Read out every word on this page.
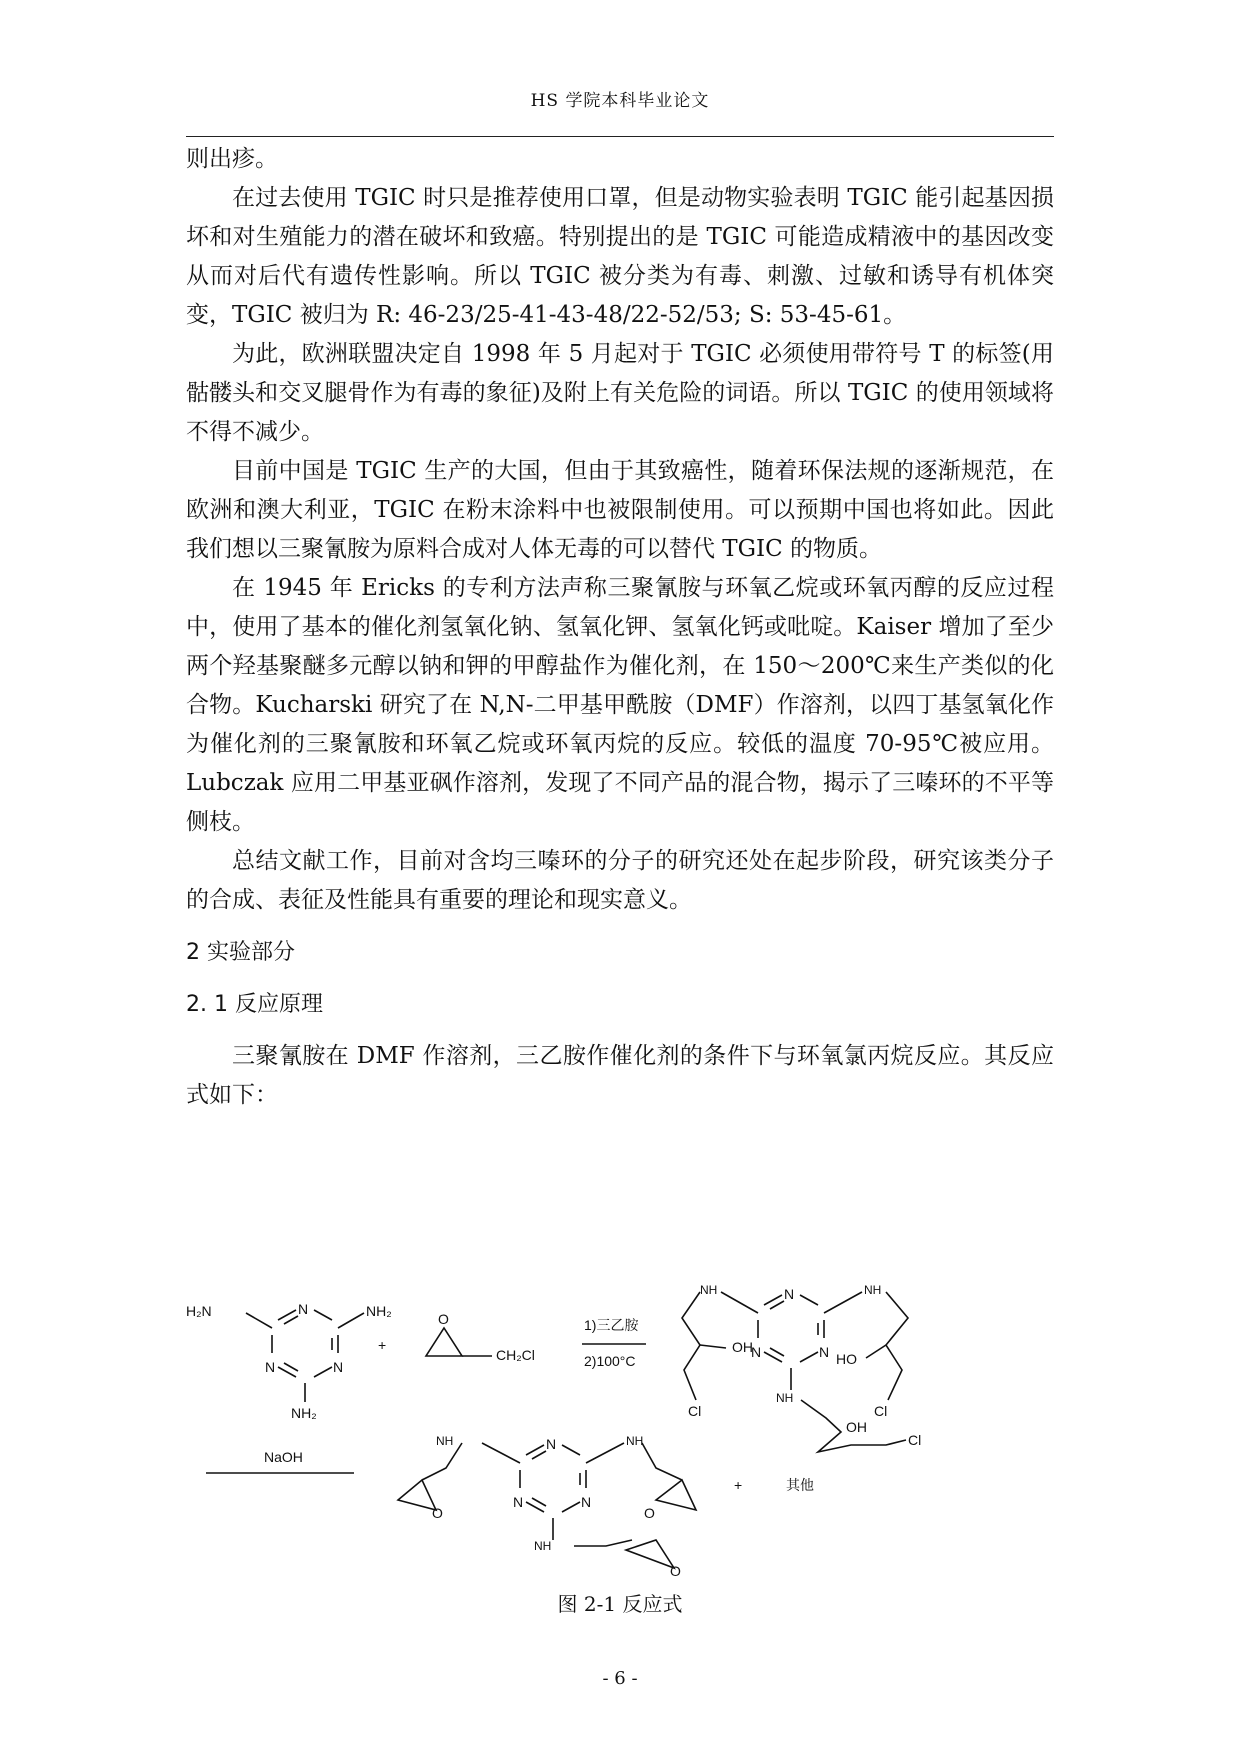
HS 学院本科毕业论文

则出疹。

在过去使用 TGIC 时只是推荐使用口罩，但是动物实验表明 TGIC 能引起基因损坏和对生殖能力的潜在破坏和致癌。特别提出的是 TGIC 可能造成精液中的基因改变从而对后代有遗传性影响。所以 TGIC 被分类为有毒、刺激、过敏和诱导有机体突变，TGIC 被归为 R: 46-23/25-41-43-48/22-52/53; S: 53-45-61。

为此，欧洲联盟决定自 1998 年 5 月起对于 TGIC 必须使用带符号 T 的标签(用骷髅头和交叉腿骨作为有毒的象征)及附上有关危险的词语。所以 TGIC 的使用领域将不得不减少。

目前中国是 TGIC 生产的大国，但由于其致癌性，随着环保法规的逐渐规范，在欧洲和澳大利亚，TGIC 在粉末涂料中也被限制使用。可以预期中国也将如此。因此我们想以三聚氰胺为原料合成对人体无毒的可以替代 TGIC 的物质。

在 1945 年 Ericks 的专利方法声称三聚氰胺与环氧乙烷或环氧丙醇的反应过程中，使用了基本的催化剂氢氧化钠、氢氧化钾、氢氧化钙或吡啶。Kaiser 增加了至少两个羟基聚醚多元醇以钠和钾的甲醇盐作为催化剂，在 150～200℃来生产类似的化合物。Kucharski 研究了在 N,N-二甲基甲酰胺（DMF）作溶剂，以四丁基氢氧化作为催化剂的三聚氰胺和环氧乙烷或环氧丙烷的反应。较低的温度 70-95℃被应用。Lubczak 应用二甲基亚砜作溶剂，发现了不同产品的混合物，揭示了三嗪环的不平等侧枝。

总结文献工作，目前对含均三嗪环的分子的研究还处在起步阶段，研究该类分子的合成、表征及性能具有重要的理论和现实意义。

2 实验部分

2. 1 反应原理

三聚氰胺在 DMF 作溶剂，三乙胺作催化剂的条件下与环氧氯丙烷反应。其反应式如下：

H₂N	N	NH₂
N	N
NH₂
+
O
CH₂Cl
1)三乙胺
2)100°C
NH	N	NH
N	N
OH
HO
NH
Cl	Cl
OH
Cl
NaOH
NH	N	NH
N	N
O	O
NH
O
+	其他
图 2-1 反应式
- 6 -
